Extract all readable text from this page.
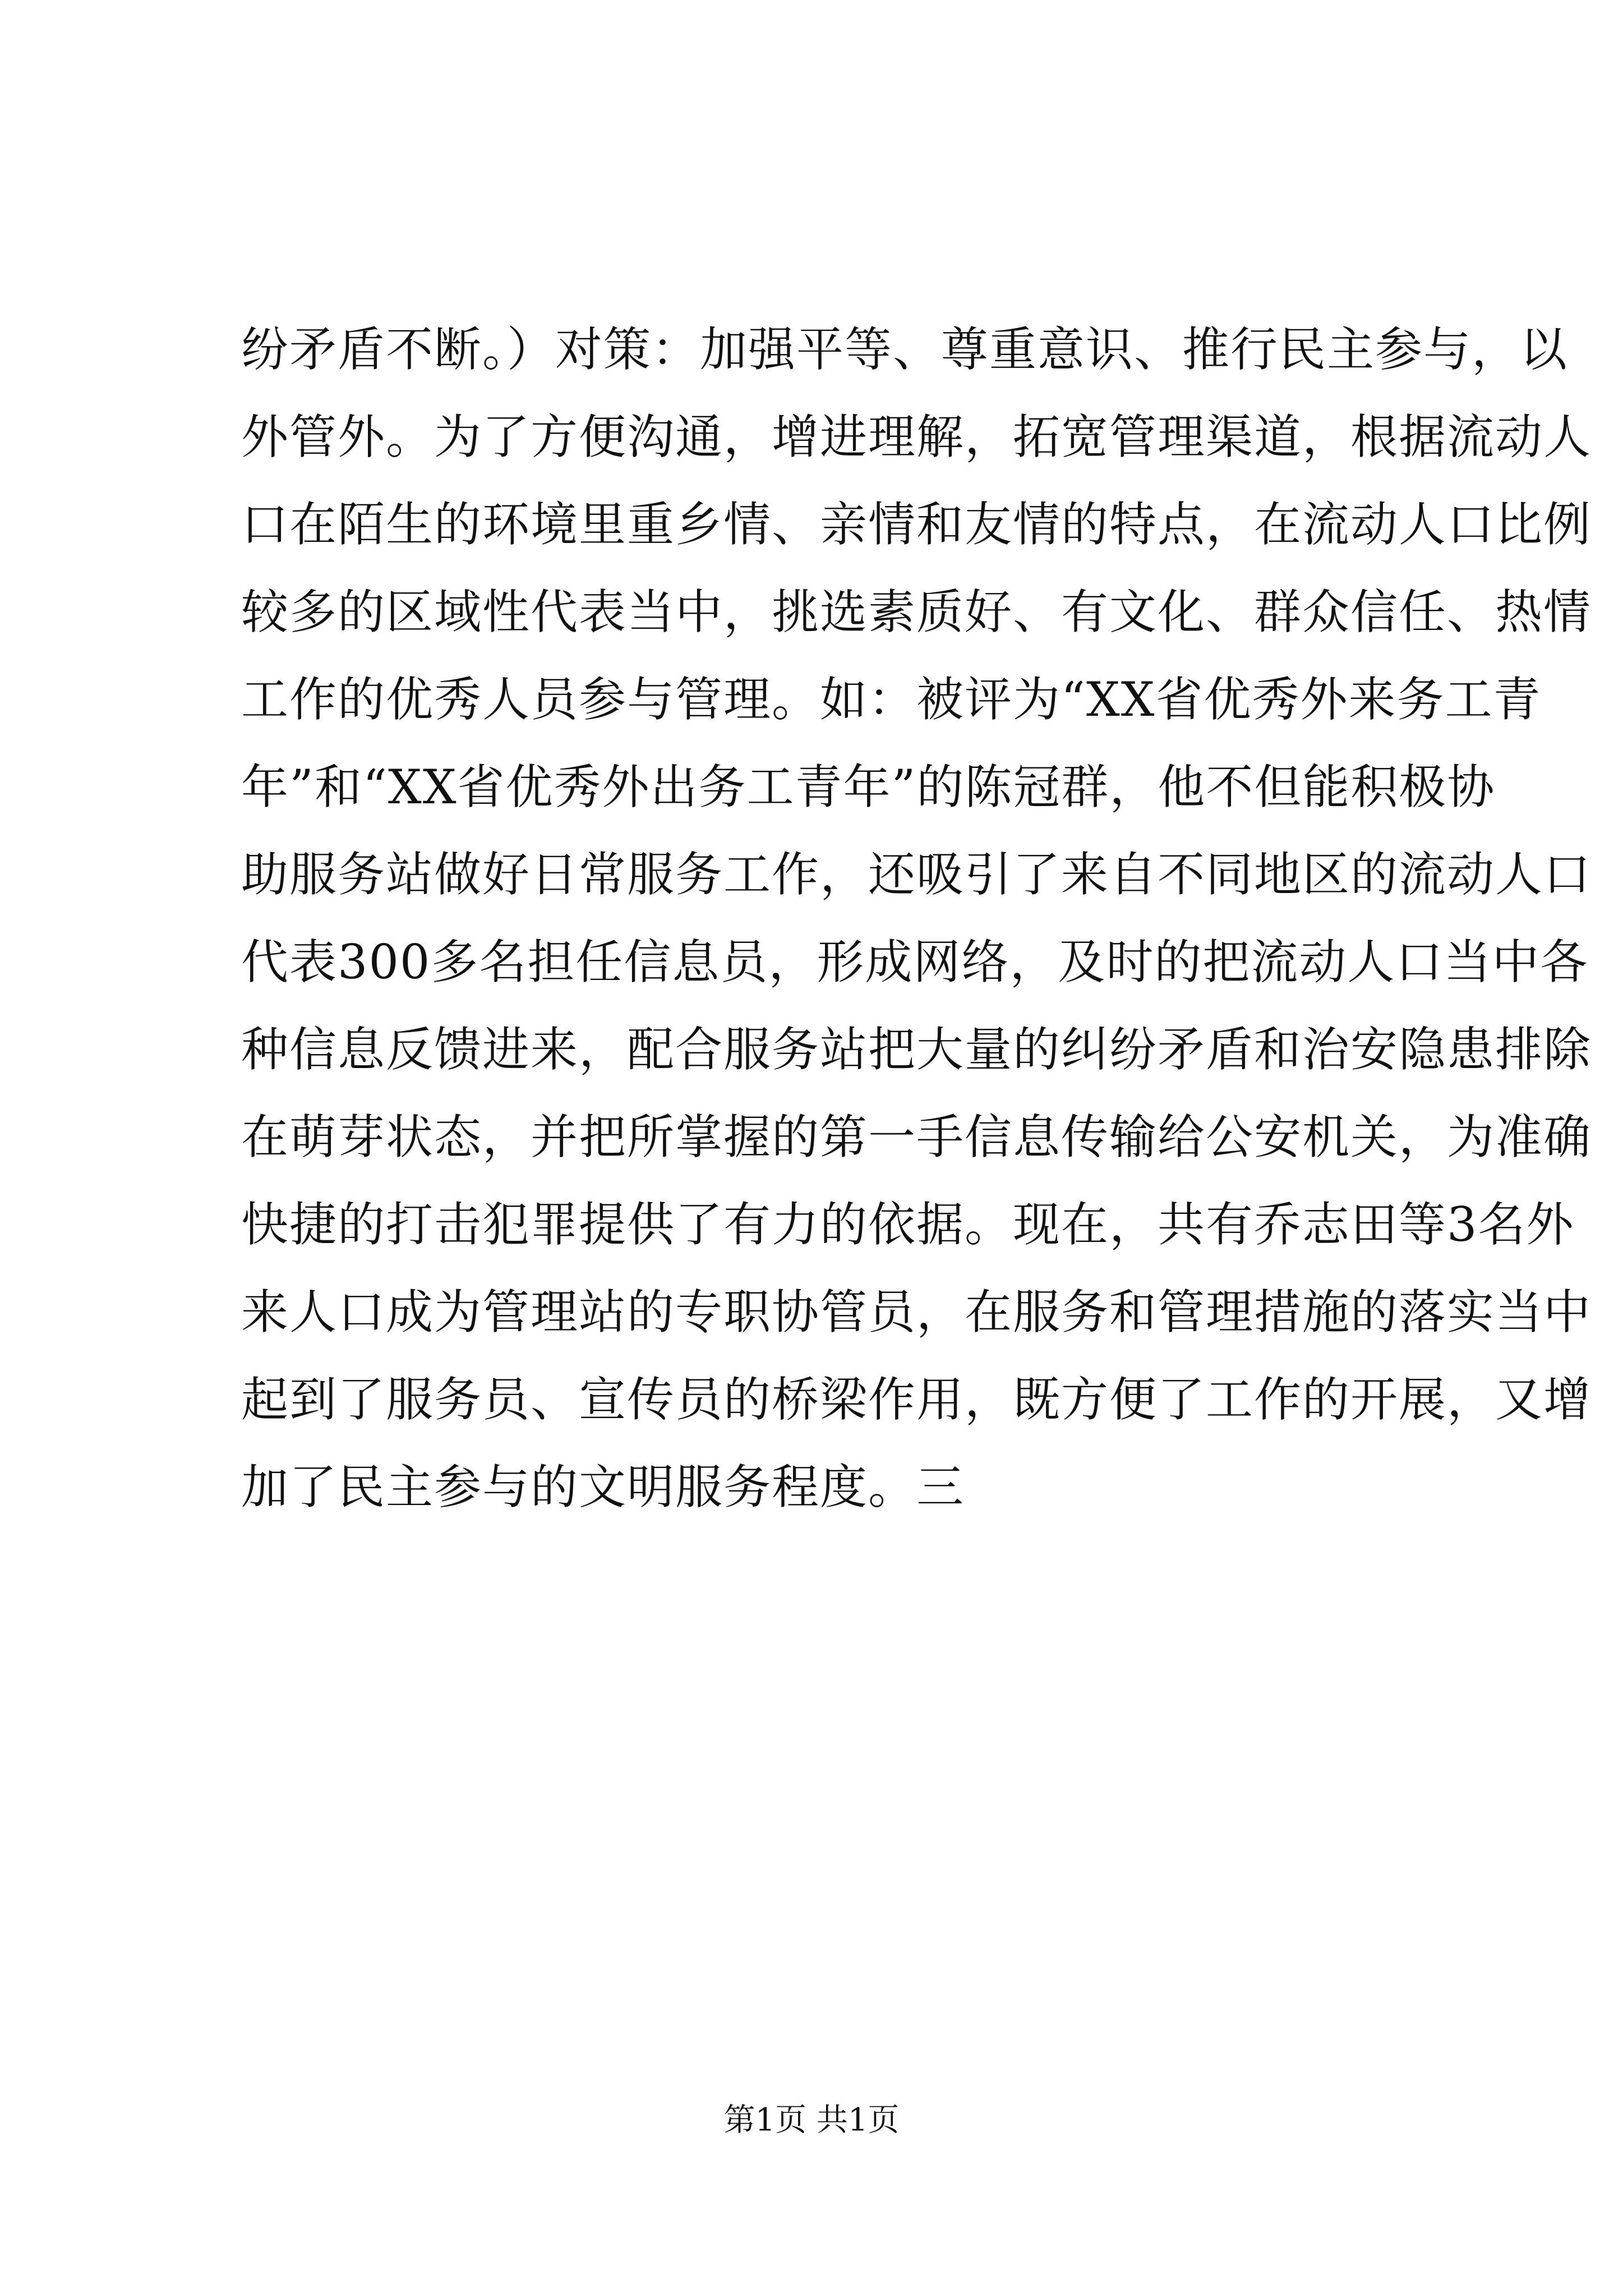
纷矛盾不断。）对策：加强平等、尊重意识、推行民主参与，以
外管外。为了方便沟通，增进理解，拓宽管理渠道，根据流动人
口在陌生的环境里重乡情、亲情和友情的特点，在流动人口比例
较多的区域性代表当中，挑选素质好、有文化、群众信任、热情
工作的优秀人员参与管理。如：被评为“XX省优秀外来务工青
年”和“XX省优秀外出务工青年”的陈冠群，他不但能积极协
助服务站做好日常服务工作，还吸引了来自不同地区的流动人口
代表300多名担任信息员，形成网络，及时的把流动人口当中各
种信息反馈进来，配合服务站把大量的纠纷矛盾和治安隐患排除
在萌芽状态，并把所掌握的第一手信息传输给公安机关，为准确
快捷的打击犯罪提供了有力的依据。现在，共有乔志田等3名外
来人口成为管理站的专职协管员，在服务和管理措施的落实当中
起到了服务员、宣传员的桥梁作用，既方便了工作的开展，又增
加了民主参与的文明服务程度。三
第1页 共1页
